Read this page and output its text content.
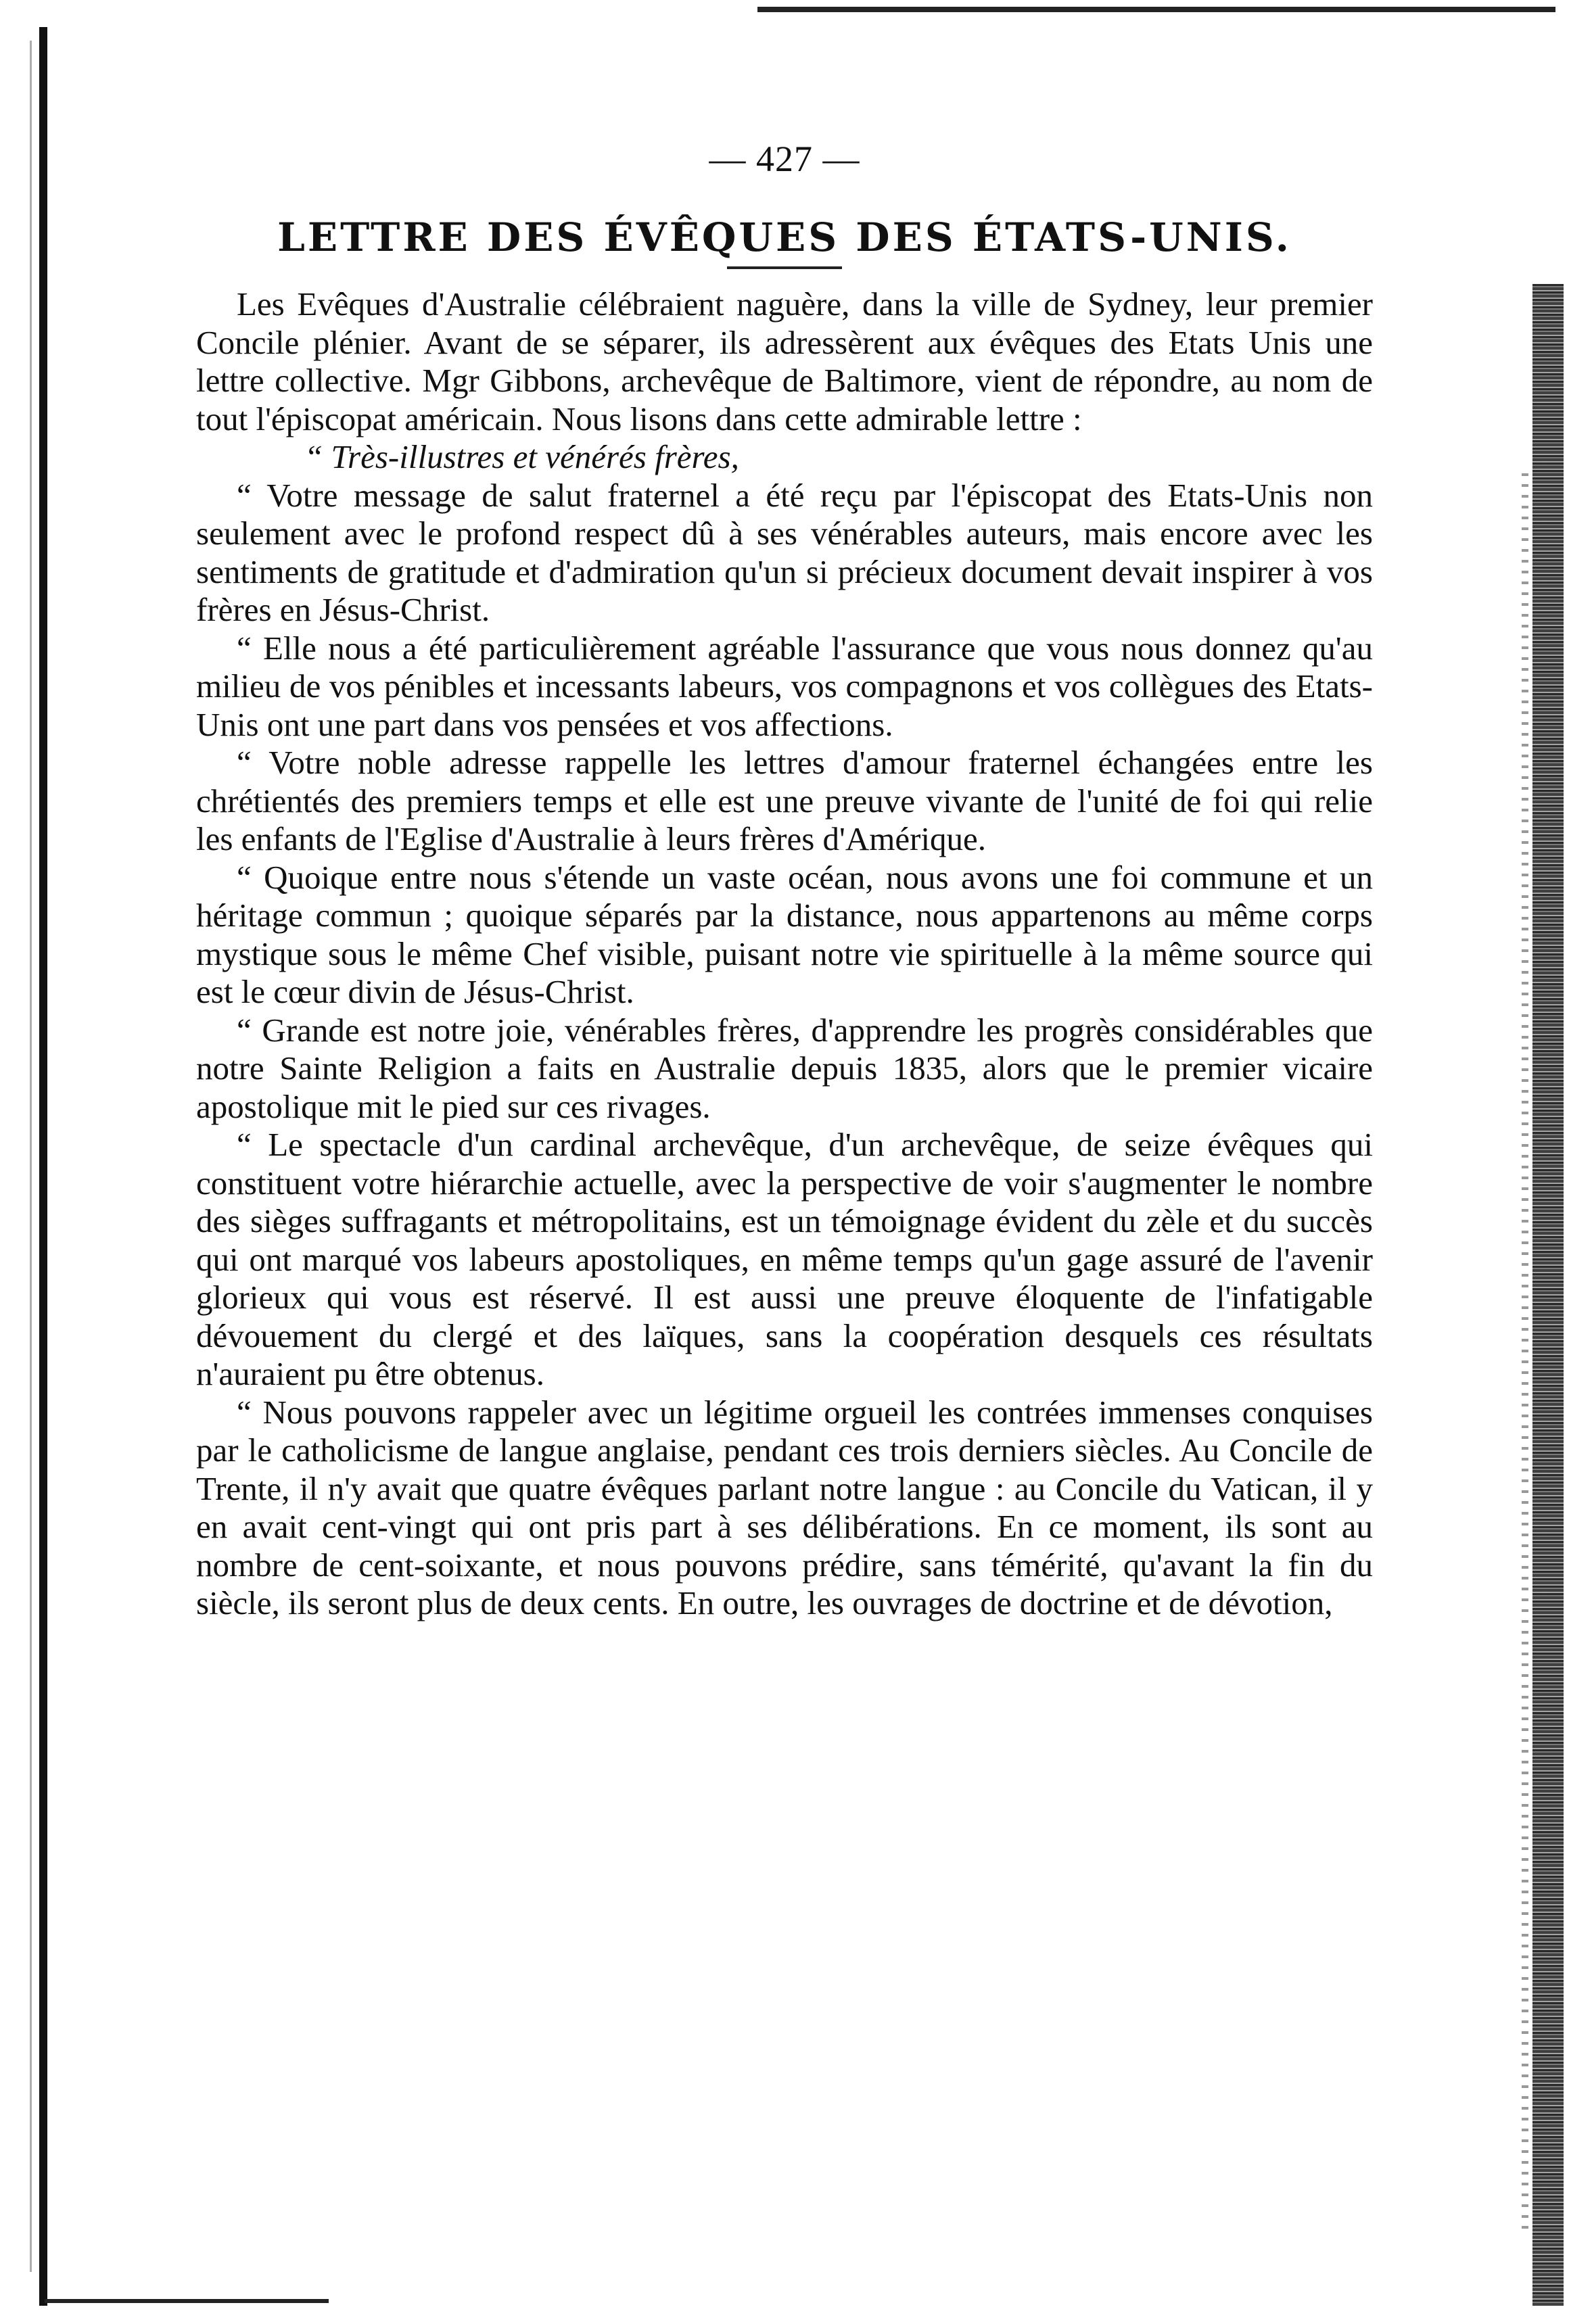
— 427 —
LETTRE DES ÉVÊQUES DES ÉTATS-UNIS.

Les Evêques d'Australie célébraient naguère, dans la ville de Sydney, leur premier Concile plénier. Avant de se séparer, ils adressèrent aux évêques des Etats Unis une lettre collective. Mgr Gibbons, archevêque de Baltimore, vient de répondre, au nom de tout l'épiscopat américain. Nous lisons dans cette admirable lettre :

“ Très-illustres et vénérés frères,

“ Votre message de salut fraternel a été reçu par l'épiscopat des Etats-Unis non seulement avec le profond respect dû à ses vénérables auteurs, mais encore avec les sentiments de gratitude et d'admiration qu'un si précieux document devait inspirer à vos frères en Jésus-Christ.

“ Elle nous a été particulièrement agréable l'assurance que vous nous donnez qu'au milieu de vos pénibles et incessants labeurs, vos compagnons et vos collègues des Etats-Unis ont une part dans vos pensées et vos affections.

“ Votre noble adresse rappelle les lettres d'amour fraternel échangées entre les chrétientés des premiers temps et elle est une preuve vivante de l'unité de foi qui relie les enfants de l'Eglise d'Australie à leurs frères d'Amérique.

“ Quoique entre nous s'étende un vaste océan, nous avons une foi commune et un héritage commun ; quoique séparés par la distance, nous appartenons au même corps mystique sous le même Chef visible, puisant notre vie spirituelle à la même source qui est le cœur divin de Jésus-Christ.

“ Grande est notre joie, vénérables frères, d'apprendre les progrès considérables que notre Sainte Religion a faits en Australie depuis 1835, alors que le premier vicaire apostolique mit le pied sur ces rivages.

“ Le spectacle d'un cardinal archevêque, d'un archevêque, de seize évêques qui constituent votre hiérarchie actuelle, avec la perspective de voir s'augmenter le nombre des sièges suffragants et métropolitains, est un témoignage évident du zèle et du succès qui ont marqué vos labeurs apostoliques, en même temps qu'un gage assuré de l'avenir glorieux qui vous est réservé. Il est aussi une preuve éloquente de l'infatigable dévouement du clergé et des laïques, sans la coopération desquels ces résultats n'auraient pu être obtenus.

“ Nous pouvons rappeler avec un légitime orgueil les contrées immenses conquises par le catholicisme de langue anglaise, pendant ces trois derniers siècles. Au Concile de Trente, il n'y avait que quatre évêques parlant notre langue : au Concile du Vatican, il y en avait cent-vingt qui ont pris part à ses délibérations. En ce moment, ils sont au nombre de cent-soixante, et nous pouvons prédire, sans témérité, qu'avant la fin du siècle, ils seront plus de deux cents. En outre, les ouvrages de doctrine et de dévotion,
